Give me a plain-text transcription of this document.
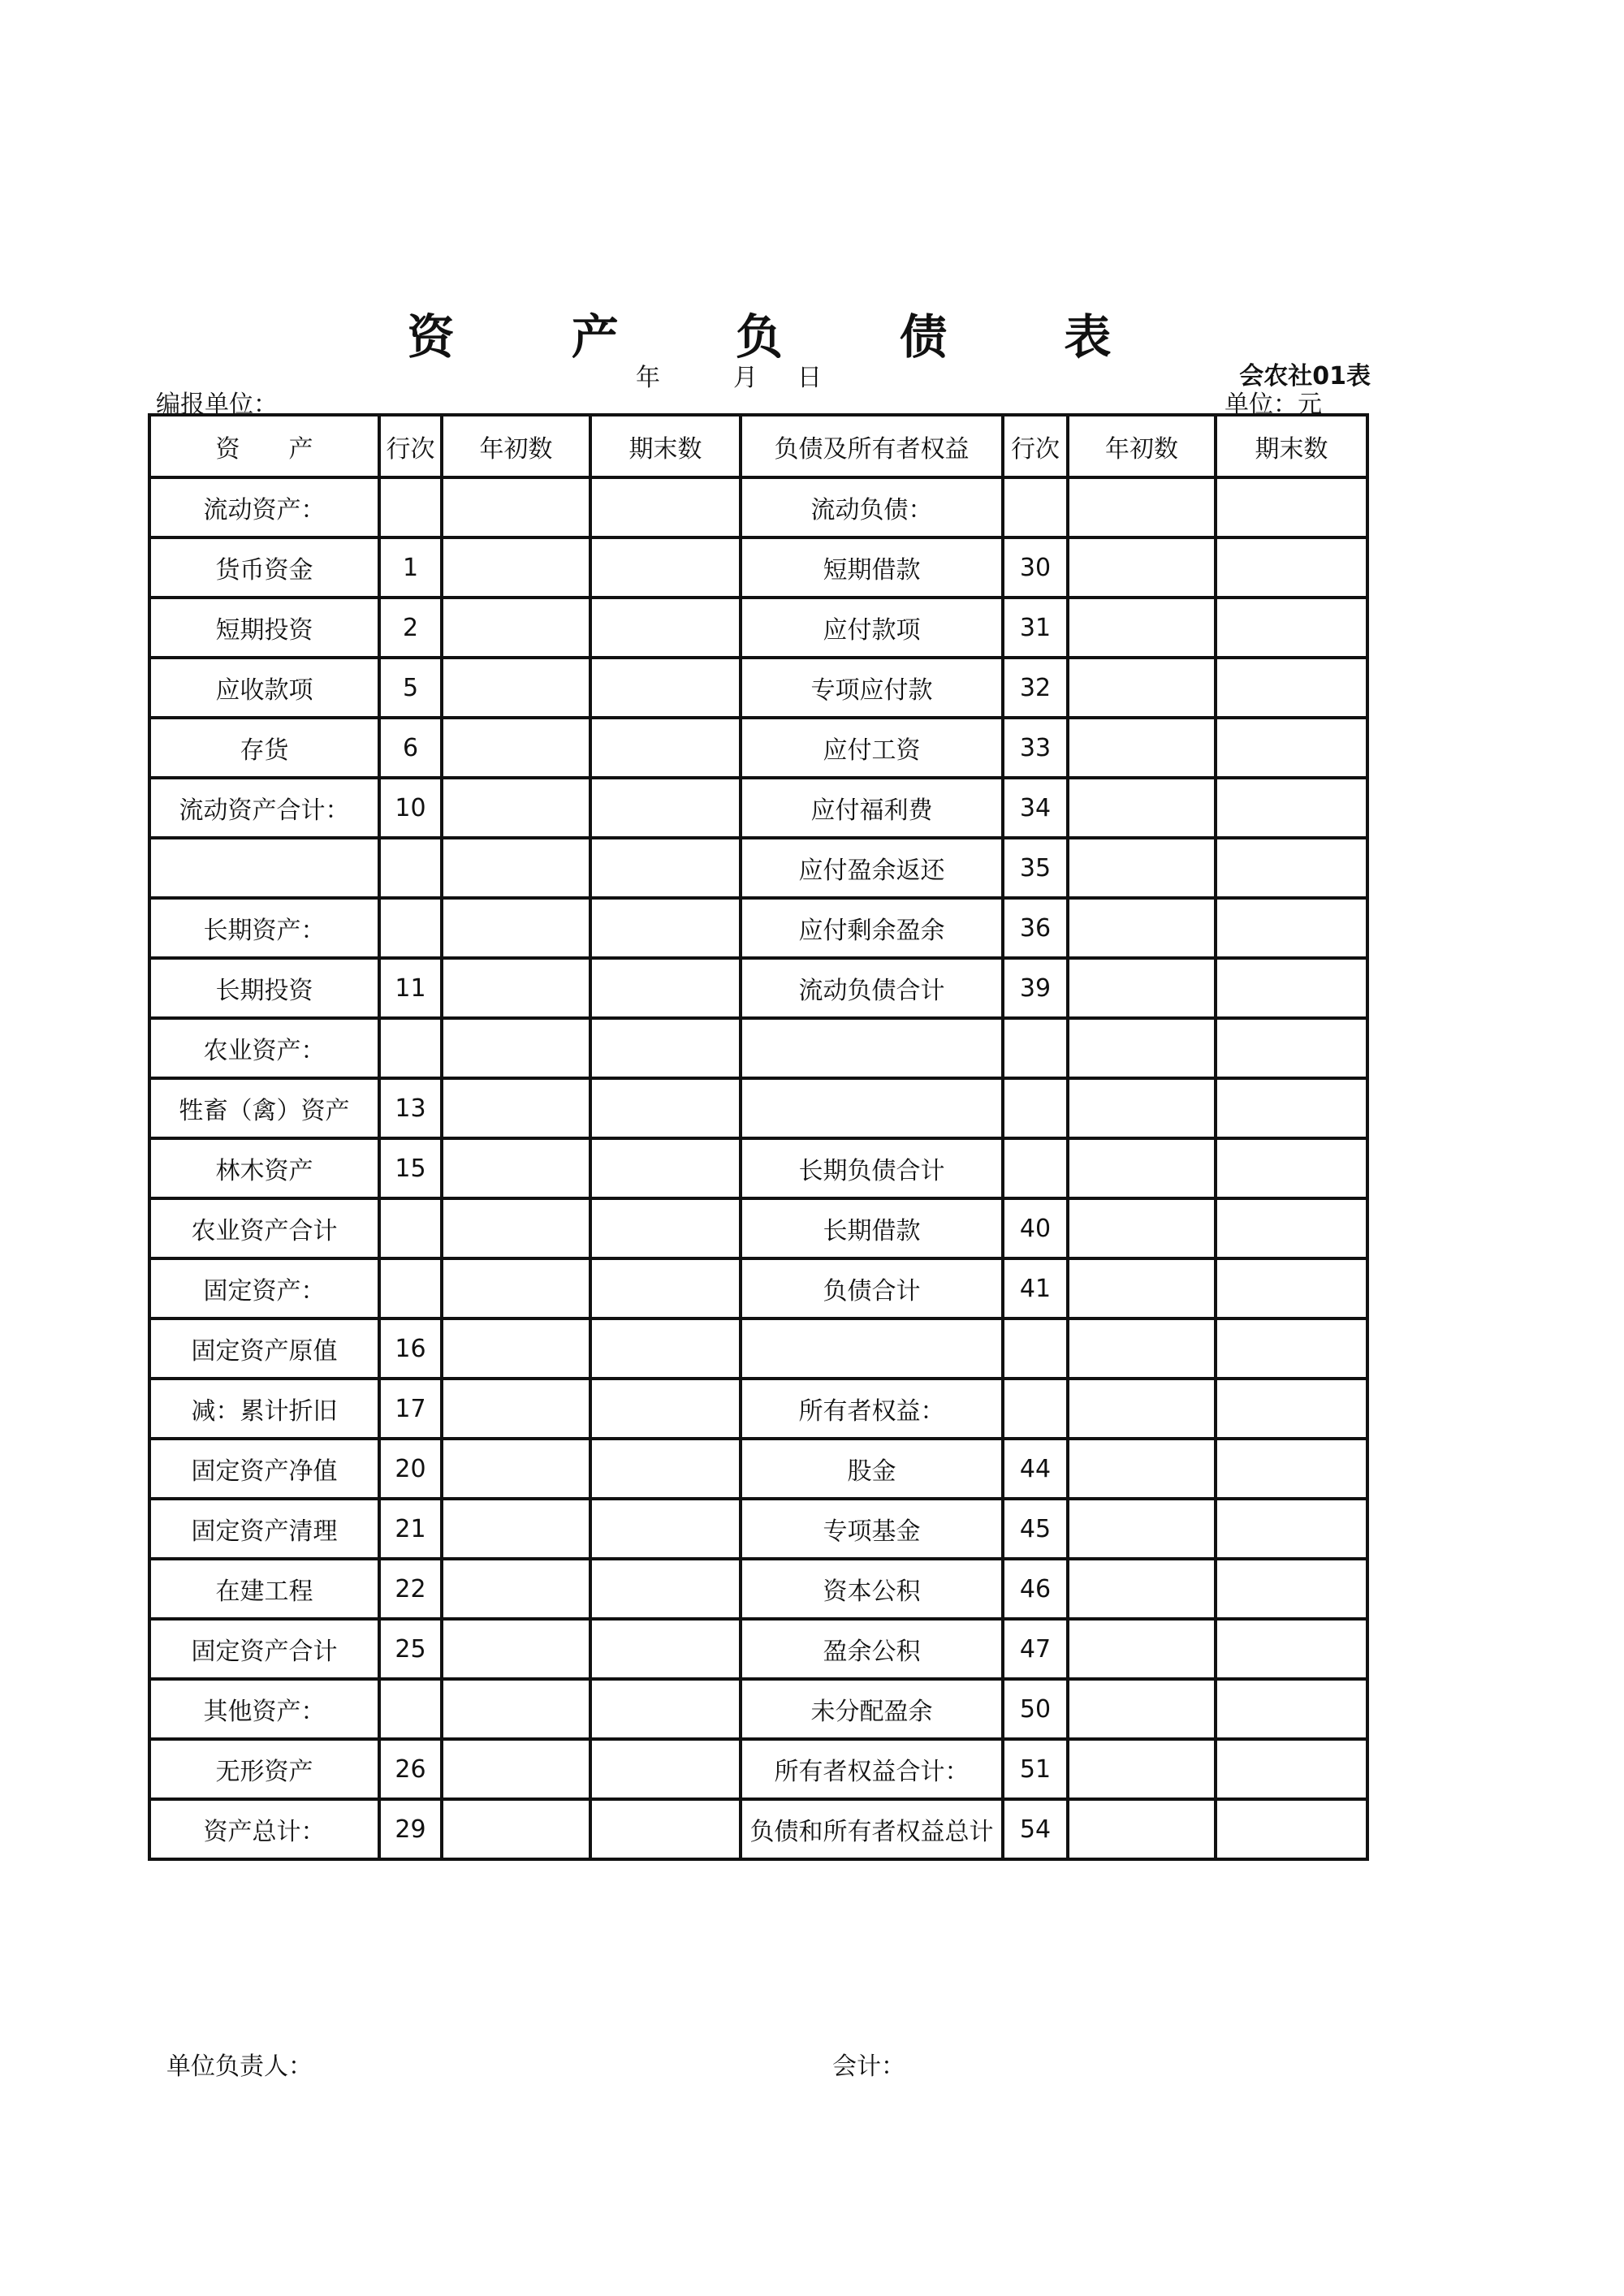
资 产 负 债 表
年	月 日	会农社01表
编报单位：	单位：元
资　　产	行次	年初数	期末数	负债及所有者权益	行次	年初数	期末数
流动资产：				流动负债：			
货币资金	1			短期借款	30		
短期投资	2			应付款项	31		
应收款项	5			专项应付款	32		
存货	6			应付工资	33		
流动资产合计：	10			应付福利费	34		
				应付盈余返还	35		
长期资产：				应付剩余盈余	36		
长期投资	11			流动负债合计	39		
农业资产：							
牲畜（禽）资产	13						
林木资产	15			长期负债合计			
农业资产合计				长期借款	40		
固定资产：				负债合计	41		
固定资产原值	16						
减：累计折旧	17			所有者权益：			
固定资产净值	20			股金	44		
固定资产清理	21			专项基金	45		
在建工程	22			资本公积	46		
固定资产合计	25			盈余公积	47		
其他资产：				未分配盈余	50		
无形资产	26			所有者权益合计：	51		
资产总计：	29			负债和所有者权益总计	54		
单位负责人：	会计：
